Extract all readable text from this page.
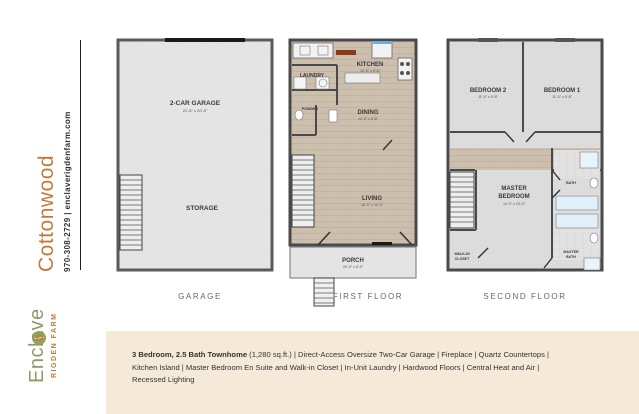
Enclave RIGDEN FARM
Cottonwood 970-308-2729 | enclaverigdenfarm.com
2-CAR GARAGE
21'-6" x 20'-5"
STORAGE
KITCHEN
12'-0" x 9'-6"
LAUNDRY
POWDER
DINING
12'-0" x 8'-6"
LIVING
16'-0" x 14'-0"
PORCH
20'-0" x 6'-0"
BEDROOM 2
11'-0" x 9'-8"
BEDROOM 1
11'-0" x 9'-8"
BATH
MASTER
BEDROOM
14'-0" x 15'-0"
WALK-IN
CLOSET
MASTER
BATH
GARAGE	FIRST FLOOR	SECOND FLOOR

3 Bedroom, 2.5 Bath Townhome (1,280 sq.ft.) | Direct-Access Oversize Two-Car Garage | Fireplace | Quartz Countertops | Kitchen Island | Master Bedroom En Suite and Walk-in Closet | In-Unit Laundry | Hardwood Floors | Central Heat and Air | Recessed Lighting
